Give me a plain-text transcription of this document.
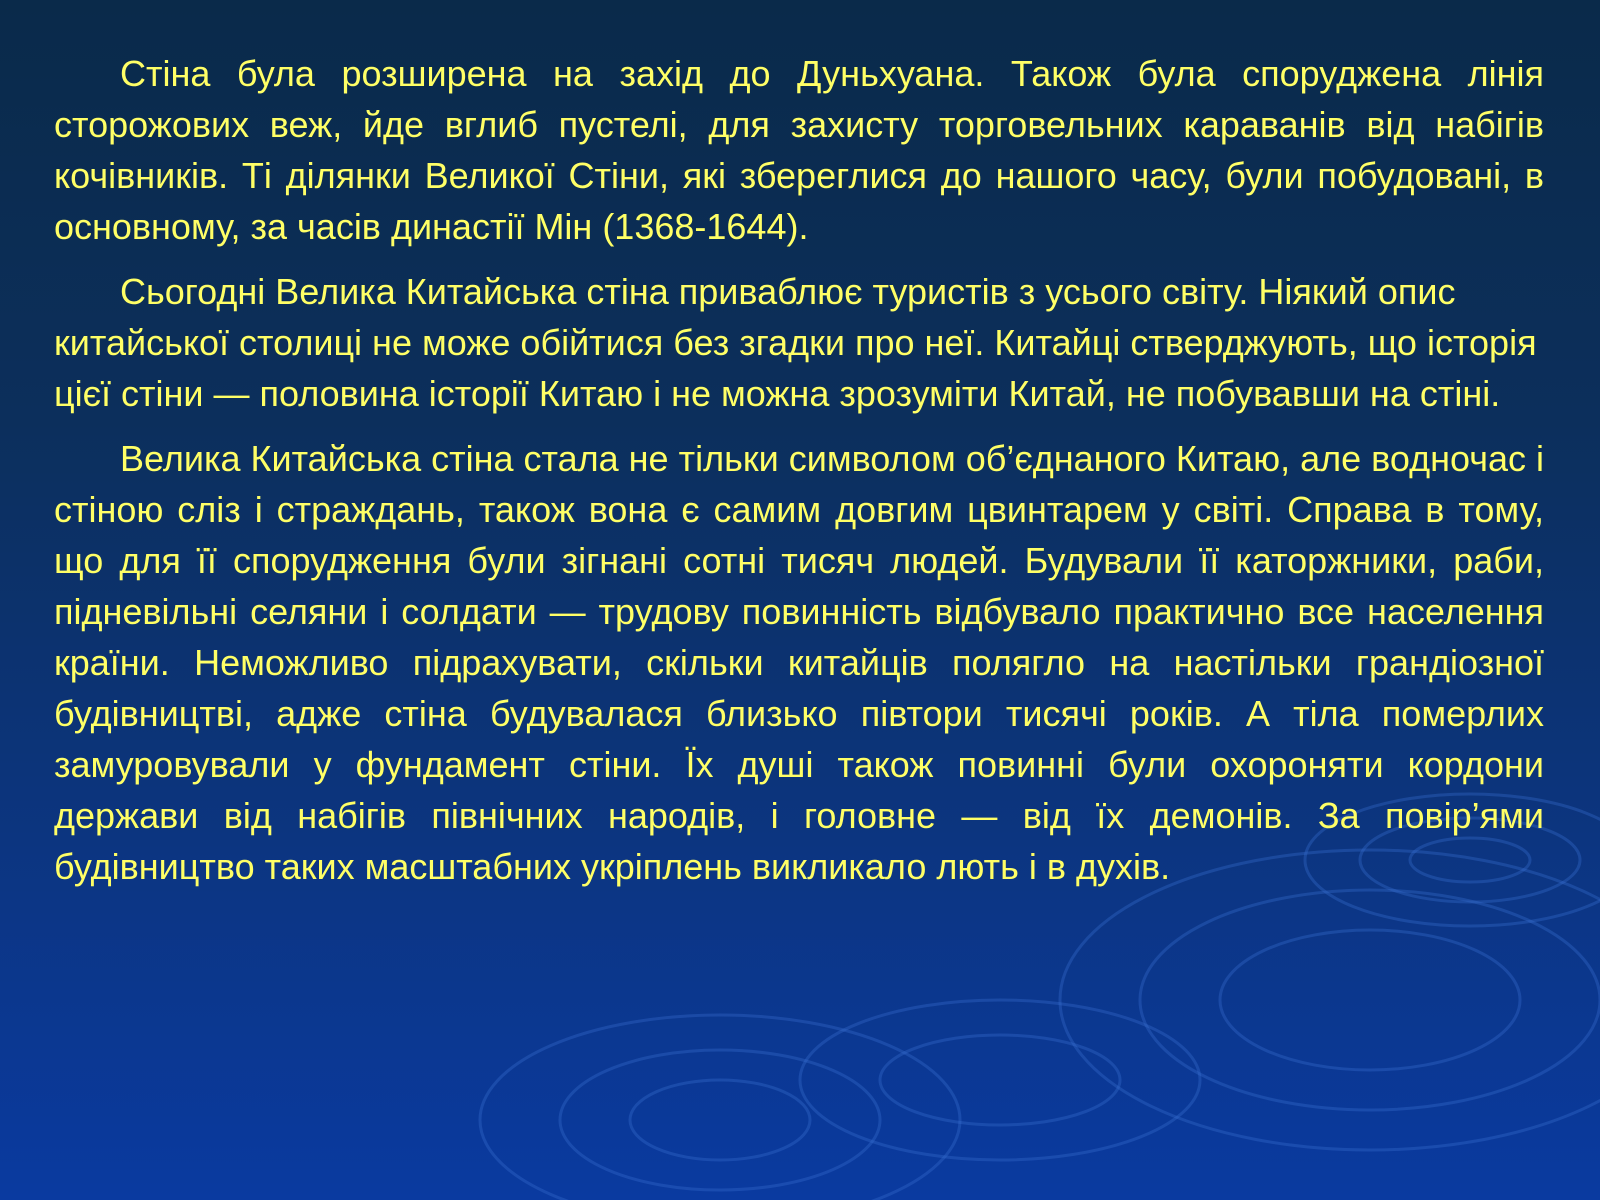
Стіна була розширена на захід до Дуньхуана. Також була споруджена лінія сторожових веж, йде вглиб пустелі, для захисту торговельних караванів від набігів кочівників. Ті ділянки Великої Стіни, які збереглися до нашого часу, були побудовані, в основному, за часів династії Мін (1368-1644).

Сьогодні Велика Китайська стіна приваблює туристів з усього світу. Ніякий опис китайської столиці не може обійтися без згадки про неї. Китайці стверджують, що історія цієї стіни — половина історії Китаю і не можна зрозуміти Китай, не побувавши на стіні.

Велика Китайська стіна стала не тільки символом об’єднаного Китаю, але водночас і стіною сліз і страждань, також вона є самим довгим цвинтарем у світі. Справа в тому, що для її спорудження були зігнані сотні тисяч людей. Будували її каторжники, раби, підневільні селяни і солдати — трудову повинність відбувало практично все населення країни. Неможливо підрахувати, скільки китайців полягло на настільки грандіозної будівництві, адже стіна будувалася близько півтори тисячі років. А тіла померлих замуровували у фундамент стіни. Їх душі також повинні були охороняти кордони держави від набігів північних народів, і головне — від їх демонів. За повір’ями будівництво таких масштабних укріплень викликало лють і в духів.
